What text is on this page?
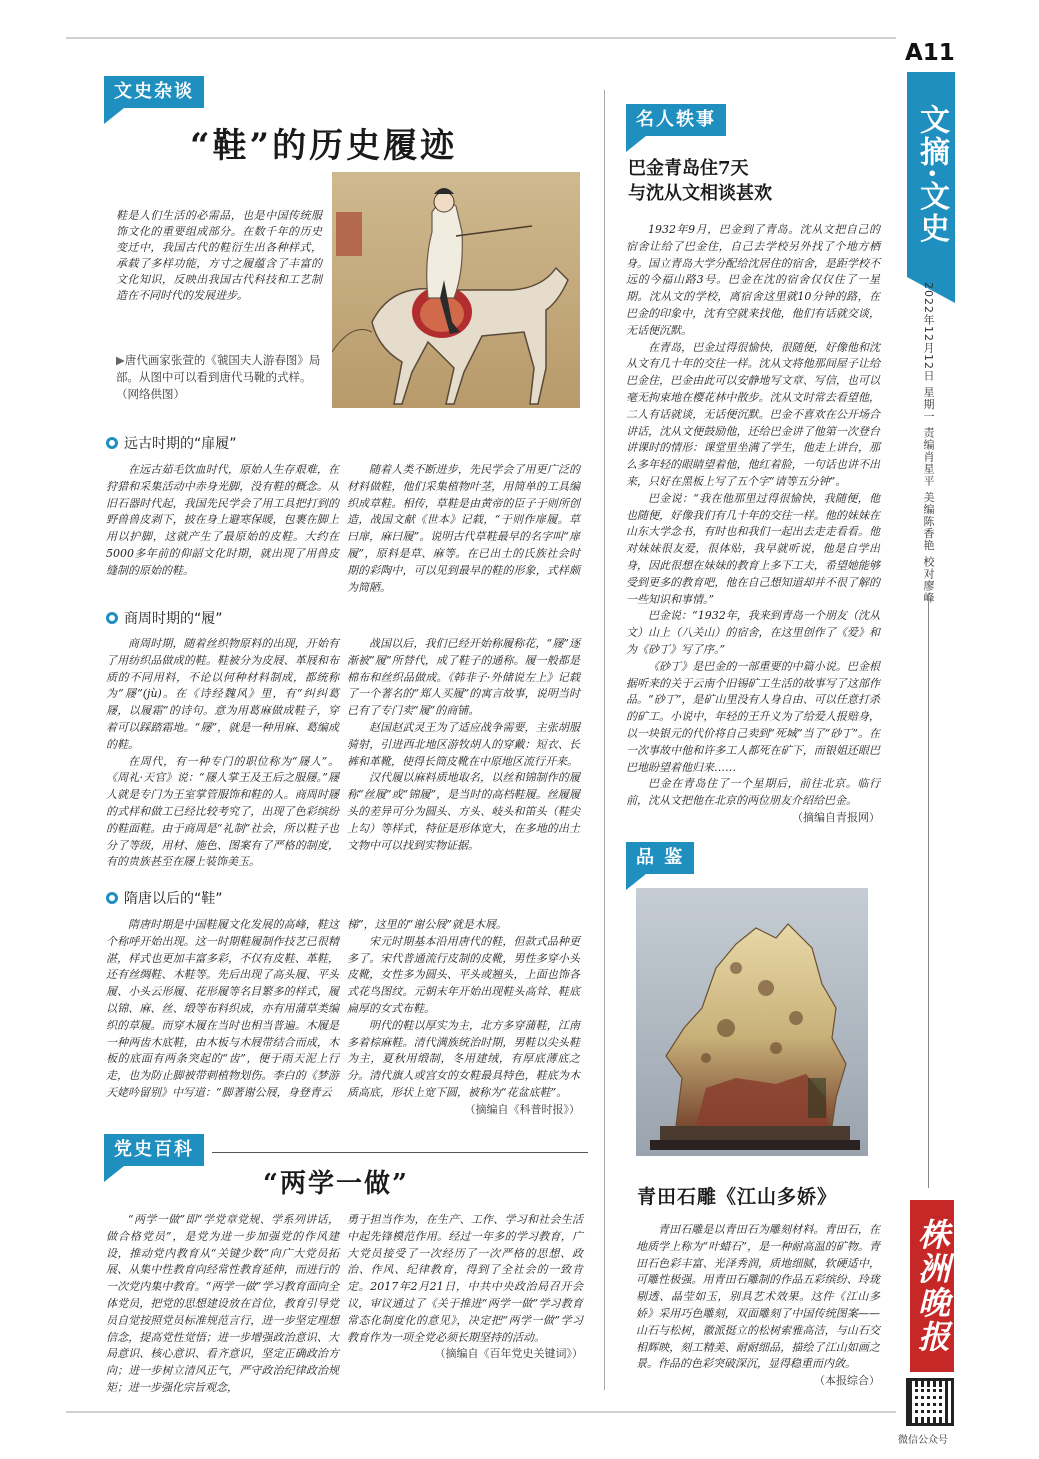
A11
文摘·文史
2022年12月12日 星期一 责编肖星平 美编陈香艳 校对廖峰
株洲晚报
微信公众号
文史杂谈
“鞋”的历史履迹
鞋是人们生活的必需品，也是中国传统服饰文化的重要组成部分。在数千年的历史变迁中，我国古代的鞋衍生出各种样式，承载了多样功能，方寸之履蕴含了丰富的文化知识，反映出我国古代科技和工艺制造在不同时代的发展进步。
▶唐代画家张萱的《虢国夫人游春图》局部。从图中可以看到唐代马靴的式样。（网络供图）
远古时期的“扉履”

在远古茹毛饮血时代，原始人生存艰难，在狩猎和采集活动中赤身光脚，没有鞋的概念。从旧石器时代起，我国先民学会了用工具把打到的野兽兽皮剥下，披在身上避寒保暖，包裹在脚上用以护脚，这就产生了最原始的皮鞋。大约在5000多年前的仰韶文化时期，就出现了用兽皮缝制的原始的鞋。

随着人类不断进步，先民学会了用更广泛的材料做鞋，他们采集植物叶茎，用简单的工具编织成草鞋。相传，草鞋是由黄帝的臣子于则所创造，战国文献《世本》记载，“于则作扉履。草曰扉，麻曰履”。说明古代草鞋最早的名字叫“扉履”，原料是草、麻等。在已出土的氏族社会时期的彩陶中，可以见到最早的鞋的形象，式样颇为简陋。

商周时期的“履”

商周时期，随着丝织物原料的出现，开始有了用纺织品做成的鞋。鞋被分为皮屐、革屐和布质的不同用料，不论以何种材料制成，都统称为“屦”(jù)。在《诗经魏风》里，有“纠纠葛屦，以履霜”的诗句。意为用葛麻做成鞋子，穿着可以踩踏霜地。“屦”，就是一种用麻、葛编成的鞋。

在周代，有一种专门的职位称为“屦人”。《周礼·天官》说：“屦人掌王及王后之服屦。”屦人就是专门为王室掌管服饰和鞋的人。商周时屦的式样和做工已经比较考究了，出现了色彩缤纷的鞋面鞋。由于商周是“礼制”社会，所以鞋子也分了等级，用材、施色、图案有了严格的制度，有的贵族甚至在屦上装饰美玉。

战国以后，我们已经开始称履称花，“屦”逐渐被“履”所替代，成了鞋子的通称。履一般都是棉布和丝织品做成。《韩非子·外储说左上》记载了一个著名的“郑人买履”的寓言故事，说明当时已有了专门卖“履”的商铺。

赵国赵武灵王为了适应战争需要，主张胡服骑射，引进西北地区游牧胡人的穿戴：短衣、长裤和革靴，使得长筒皮靴在中原地区流行开来。

汉代履以麻料质地取名，以丝和锦制作的履称“丝履”或“锦履”，是当时的高档鞋履。丝履履头的差异可分为圆头、方头、岐头和笛头（鞋尖上勾）等样式，特征是形体宽大，在多地的出土文物中可以找到实物证据。

隋唐以后的“鞋”

隋唐时期是中国鞋履文化发展的高峰，鞋这个称呼开始出现。这一时期鞋履制作技艺已很精湛，样式也更加丰富多彩，不仅有皮鞋、革鞋，还有丝绸鞋、木鞋等。先后出现了高头履、平头履、小头云形履、花形履等名目繁多的样式，履以锦、麻、丝、缎等布料织成，亦有用蒲草类编织的草履。而穿木履在当时也相当普遍。木履是一种两齿木底鞋，由木板与木屐带结合而成，木板的底面有两条突起的“齿”，便于雨天泥上行走，也为防止脚被带刺植物划伤。李白的《梦游天姥吟留别》中写道：“脚著谢公屐，身登青云

梯”，这里的“谢公屐”就是木屐。

宋元时期基本沿用唐代的鞋，但款式品种更多了。宋代普通流行皮制的皮靴，男性多穿小头皮靴，女性多为圆头、平头或翘头，上面也饰各式花鸟图纹。元朝末年开始出现鞋头高耸、鞋底扁厚的女式布鞋。

明代的鞋以厚实为主，北方多穿蒲鞋，江南多着棕麻鞋。清代满族统治时期，男鞋以尖头鞋为主，夏秋用缎制，冬用建绒，有厚底薄底之分。清代旗人或宫女的女鞋最具特色，鞋底为木质高底，形状上宽下圆，被称为“花盆底鞋”。

（摘编自《科普时报》）
党史百科
“两学一做”

“两学一做”即“学党章党规、学系列讲话，做合格党员”，是党为进一步加强党的作风建设，推动党内教育从“关键少数”向广大党员拓展、从集中性教育向经常性教育延伸，而进行的一次党内集中教育。“两学一做”学习教育面向全体党员，把党的思想建设放在首位，教育引导党员自觉按照党员标准规范言行，进一步坚定理想信念，提高党性觉悟；进一步增强政治意识、大局意识、核心意识、看齐意识，坚定正确政治方向；进一步树立清风正气，严守政治纪律政治规矩；进一步强化宗旨观念，

勇于担当作为，在生产、工作、学习和社会生活中起先锋模范作用。经过一年多的学习教育，广大党员接受了一次经历了一次严格的思想、政治、作风、纪律教育，得到了全社会的一致肯定。2017年2月21日，中共中央政治局召开会议，审议通过了《关于推进“两学一做”学习教育常态化制度化的意见》，决定把“两学一做”学习教育作为一项全党必须长期坚持的活动。

（摘编自《百年党史关键词》）
名人轶事
巴金青岛住7天
与沈从文相谈甚欢

1932年9月，巴金到了青岛。沈从文把自己的宿舍让给了巴金住，自己去学校另外找了个地方栖身。国立青岛大学分配给沈居住的宿舍，是距学校不远的今福山路3号。巴金在沈的宿舍仅仅住了一星期。沈从文的学校，离宿舍这里就10分钟的路，在巴金的印象中，沈有空就来找他，他们有话就交谈，无话便沉默。

在青岛，巴金过得很愉快，很随便，好像他和沈从文有几十年的交往一样。沈从文将他那间屋子让给巴金住，巴金由此可以安静地写文章、写信，也可以毫无拘束地在樱花林中散步。沈从文时常去看望他，二人有话就谈，无话便沉默。巴金不喜欢在公开场合讲话，沈从文便鼓励他，还给巴金讲了他第一次登台讲课时的情形：课堂里坐满了学生，他走上讲台，那么多年轻的眼睛望着他，他红着脸，一句话也讲不出来，只好在黑板上写了五个字“请等五分钟”。

巴金说：“我在他那里过得很愉快，我随便，他也随便，好像我们有几十年的交往一样。他的妹妹在山东大学念书，有时也和我们一起出去走走看看。他对妹妹很友爱，很体贴，我早就听说，他是自学出身，因此很想在妹妹的教育上多下工夫，希望她能够受到更多的教育吧，他在自己想知道却并不很了解的一些知识和事情。”

巴金说：“1932年，我来到青岛一个朋友（沈从文）山上（八关山）的宿舍，在这里创作了《爱》和为《砂丁》写了序。”

《砂丁》是巴金的一部重要的中篇小说。巴金根据听来的关于云南个旧锡矿工生活的故事写了这部作品。“砂丁”，是矿山里没有人身自由、可以任意打杀的矿工。小说中，年轻的王升义为了给爱人报赔身，以一块银元的代价将自己卖到“死城”当了“砂丁”。在一次事故中他和许多工人都死在矿下，而银姐还眼巴巴地盼望着他归来……

巴金在青岛住了一个星期后，前往北京。临行前，沈从文把他在北京的两位朋友介绍给巴金。

（摘编自青报网）
品 鉴
青田石雕《江山多娇》

青田石雕是以青田石为雕刻材料。青田石，在地质学上称为“叶蜡石”，是一种耐高温的矿物。青田石色彩丰富、光泽秀润，质地细腻，软硬适中，可雕性极强。用青田石雕制的作品五彩缤纷、玲珑剔透、晶莹如玉，别具艺术效果。这件《江山多娇》采用巧色雕刻，双面雕刻了中国传统图案——山石与松树，徽派挺立的松树索雅高洁，与山石交相辉映，刻工精美、耐耐细品，描绘了江山如画之景。作品的色彩突破深沉，显得稳重而内敛。

（本报综合）
